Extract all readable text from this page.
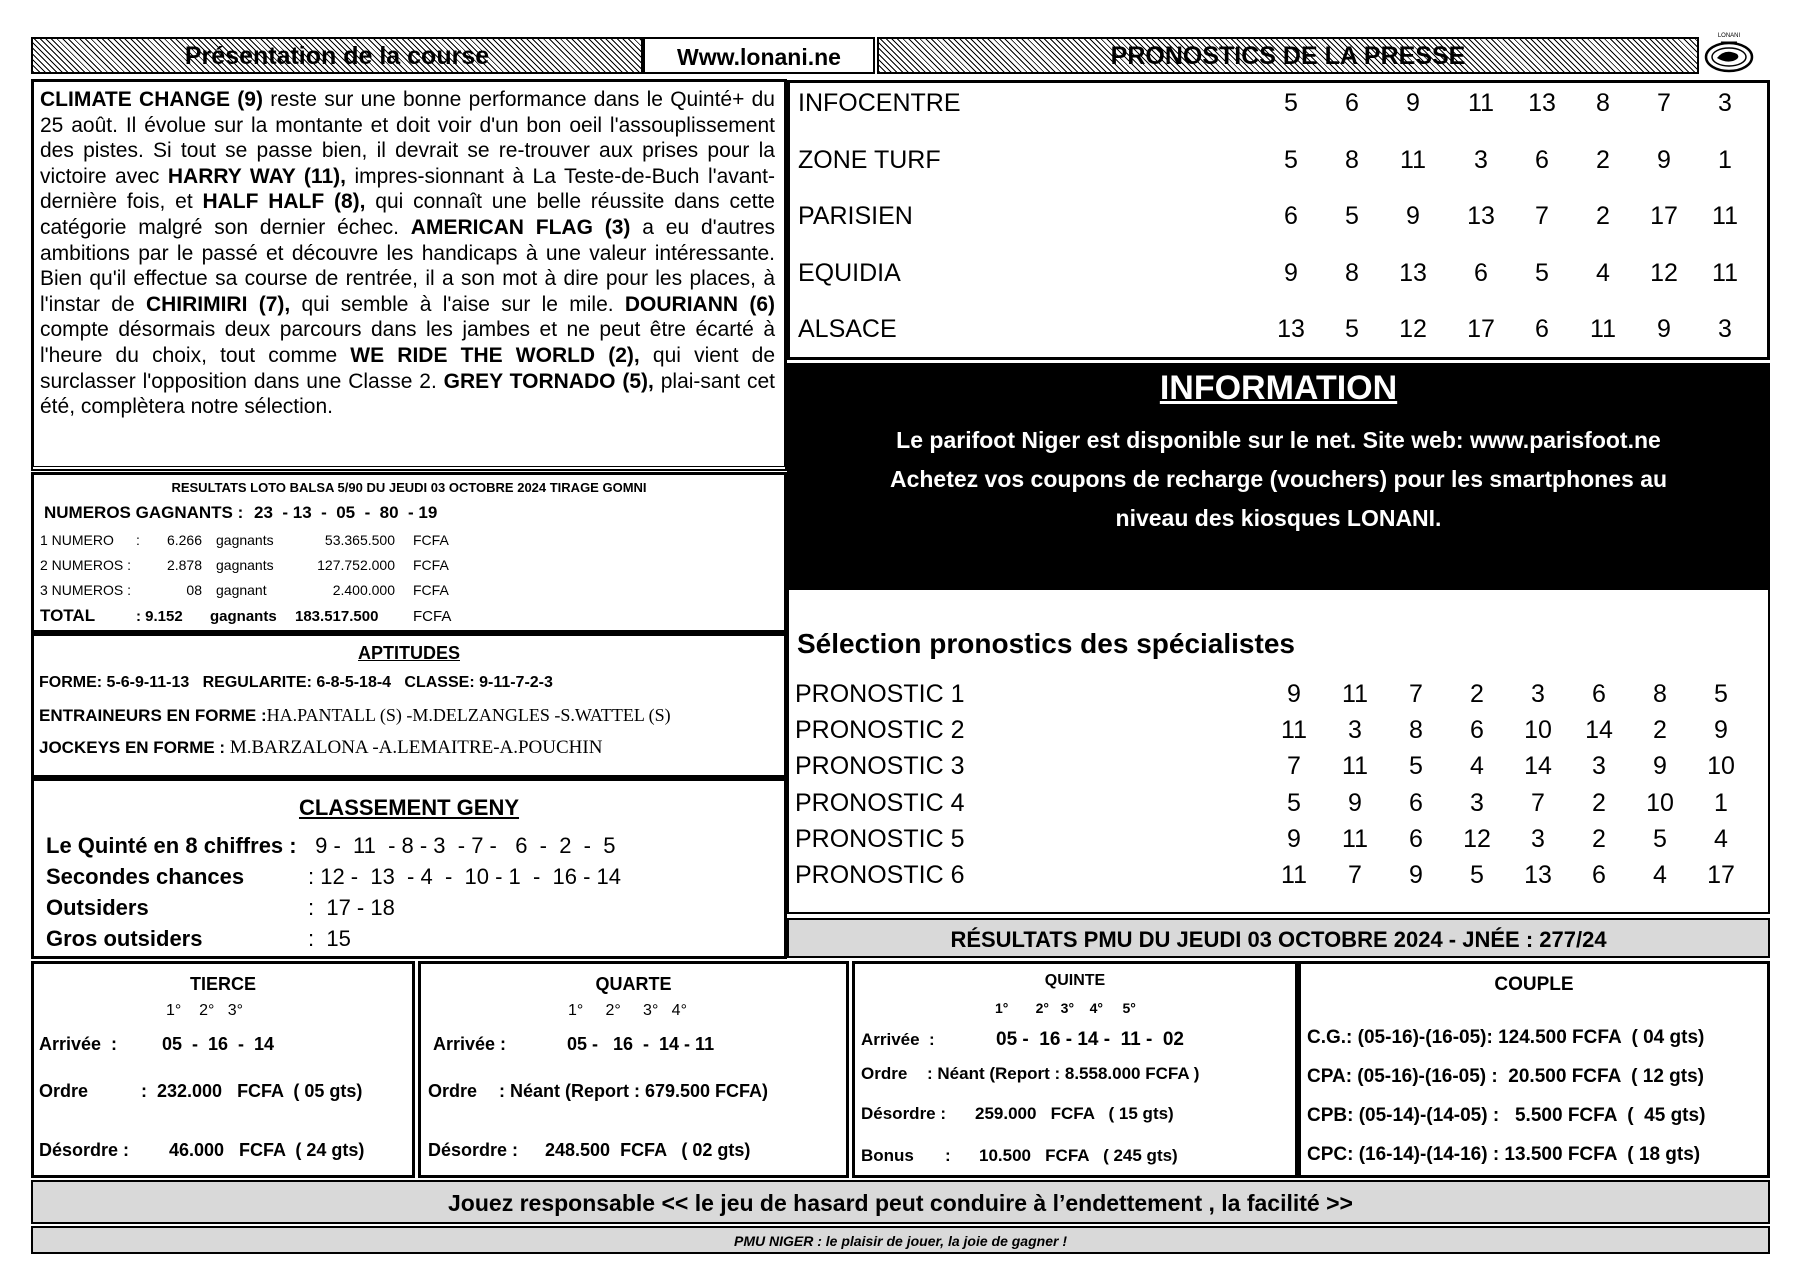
Présentation de la course	Www.lonani.ne	PRONOSTICS DE LA PRESSE
LONANI
CLIMATE CHANGE (9) reste sur une bonne performance dans le Quinté+ du 25 août. Il évolue sur la montante et doit voir d'un bon oeil l'assouplissement des pistes. Si tout se passe bien, il devrait se re-trouver aux prises pour la victoire avec HARRY WAY (11), impres-sionnant à La Teste-de-Buch l'avant-dernière fois, et HALF HALF (8), qui connaît une belle réussite dans cette catégorie malgré son dernier échec. AMERICAN FLAG (3) a eu d'autres ambitions par le passé et découvre les handicaps à une valeur intéressante. Bien qu'il effectue sa course de rentrée, il a son mot à dire pour les places, à l'instar de CHIRIMIRI (7), qui semble à l'aise sur le mile. DOURIANN (6) compte désormais deux parcours dans les jambes et ne peut être écarté à l'heure du choix, tout comme WE RIDE THE WORLD (2), qui vient de surclasser l'opposition dans une Classe 2. GREY TORNADO (5), plai-sant cet été, complètera notre sélection.
INFOCENTRE	5	6	9	11	13	8	7	3
ZONE TURF	5	8	11	3	6	2	9	1
PARISIEN	6	5	9	13	7	2	17	11
EQUIDIA	9	8	13	6	5	4	12	11
ALSACE	13	5	12	17	6	11	9	3
INFORMATION
Le parifoot Niger est disponible sur le net. Site web: www.parisfoot.ne
Achetez vos coupons de recharge (vouchers) pour les smartphones au
niveau des kiosques LONANI.
Sélection pronostics des spécialistes
PRONOSTIC 1	9	11	7	2	3	6	8	5
PRONOSTIC 2	11	3	8	6	10	14	2	9
PRONOSTIC 3	7	11	5	4	14	3	9	10
PRONOSTIC 4	5	9	6	3	7	2	10	1
PRONOSTIC 5	9	11	6	12	3	2	5	4
PRONOSTIC 6	11	7	9	5	13	6	4	17
RÉSULTATS PMU DU JEUDI 03 OCTOBRE 2024 - JNÉE : 277/24
RESULTATS LOTO BALSA 5/90 DU JEUDI 03 OCTOBRE 2024 TIRAGE GOMNI
NUMEROS GAGNANTS : 23  - 13  -  05  -  80  - 19
1 NUMERO :	6.266 gagnants	53.365.500 FCFA
2 NUMEROS :	2.878 gagnants	127.752.000 FCFA
3 NUMEROS :	08 gagnant	2.400.000 FCFA
TOTAL	: 9.152 gagnants 183.517.500 FCFA
APTITUDES
FORME: 5-6-9-11-13   REGULARITE: 6-8-5-18-4   CLASSE: 9-11-7-2-3
ENTRAINEURS EN FORME :HA.PANTALL (S) -M.DELZANGLES -S.WATTEL (S)
JOCKEYS EN FORME : M.BARZALONA -A.LEMAITRE-A.POUCHIN
CLASSEMENT GENY
Le Quinté en 8 chiffres : 9 -  11  - 8 - 3  - 7 -   6  -  2  -  5
Secondes chances	: 12 -  13  - 4  -  10 - 1  -  16 - 14
Outsiders	:  17 - 18
Gros outsiders	:  15
TIERCE
1°    2°   3°
Arrivée  : 05  -  16  -  14
Ordre	:  232.000   FCFA  ( 05 gts)
Désordre : 46.000   FCFA  ( 24 gts)
QUARTE
1°     2°     3°   4°
Arrivée :	05 -   16  -  14 - 11
Ordre : Néant (Report : 679.500 FCFA)
Désordre : 248.500  FCFA   ( 02 gts)
QUINTE
1°       2°   3°    4°     5°
Arrivée  :	05 -  16 - 14 -  11 -  02
Ordre : Néant (Report : 8.558.000 FCFA )
Désordre : 259.000   FCFA   ( 15 gts)
Bonus :      10.500   FCFA   ( 245 gts)
COUPLE
C.G.: (05-16)-(16-05): 124.500 FCFA  ( 04 gts)
CPA: (05-16)-(16-05) :  20.500 FCFA  ( 12 gts)
CPB: (05-14)-(14-05) :   5.500 FCFA  (  45 gts)
CPC: (16-14)-(14-16) : 13.500 FCFA  ( 18 gts)
Jouez responsable << le jeu de hasard peut conduire à l’endettement , la facilité >>
PMU NIGER : le plaisir de jouer, la joie de gagner !
